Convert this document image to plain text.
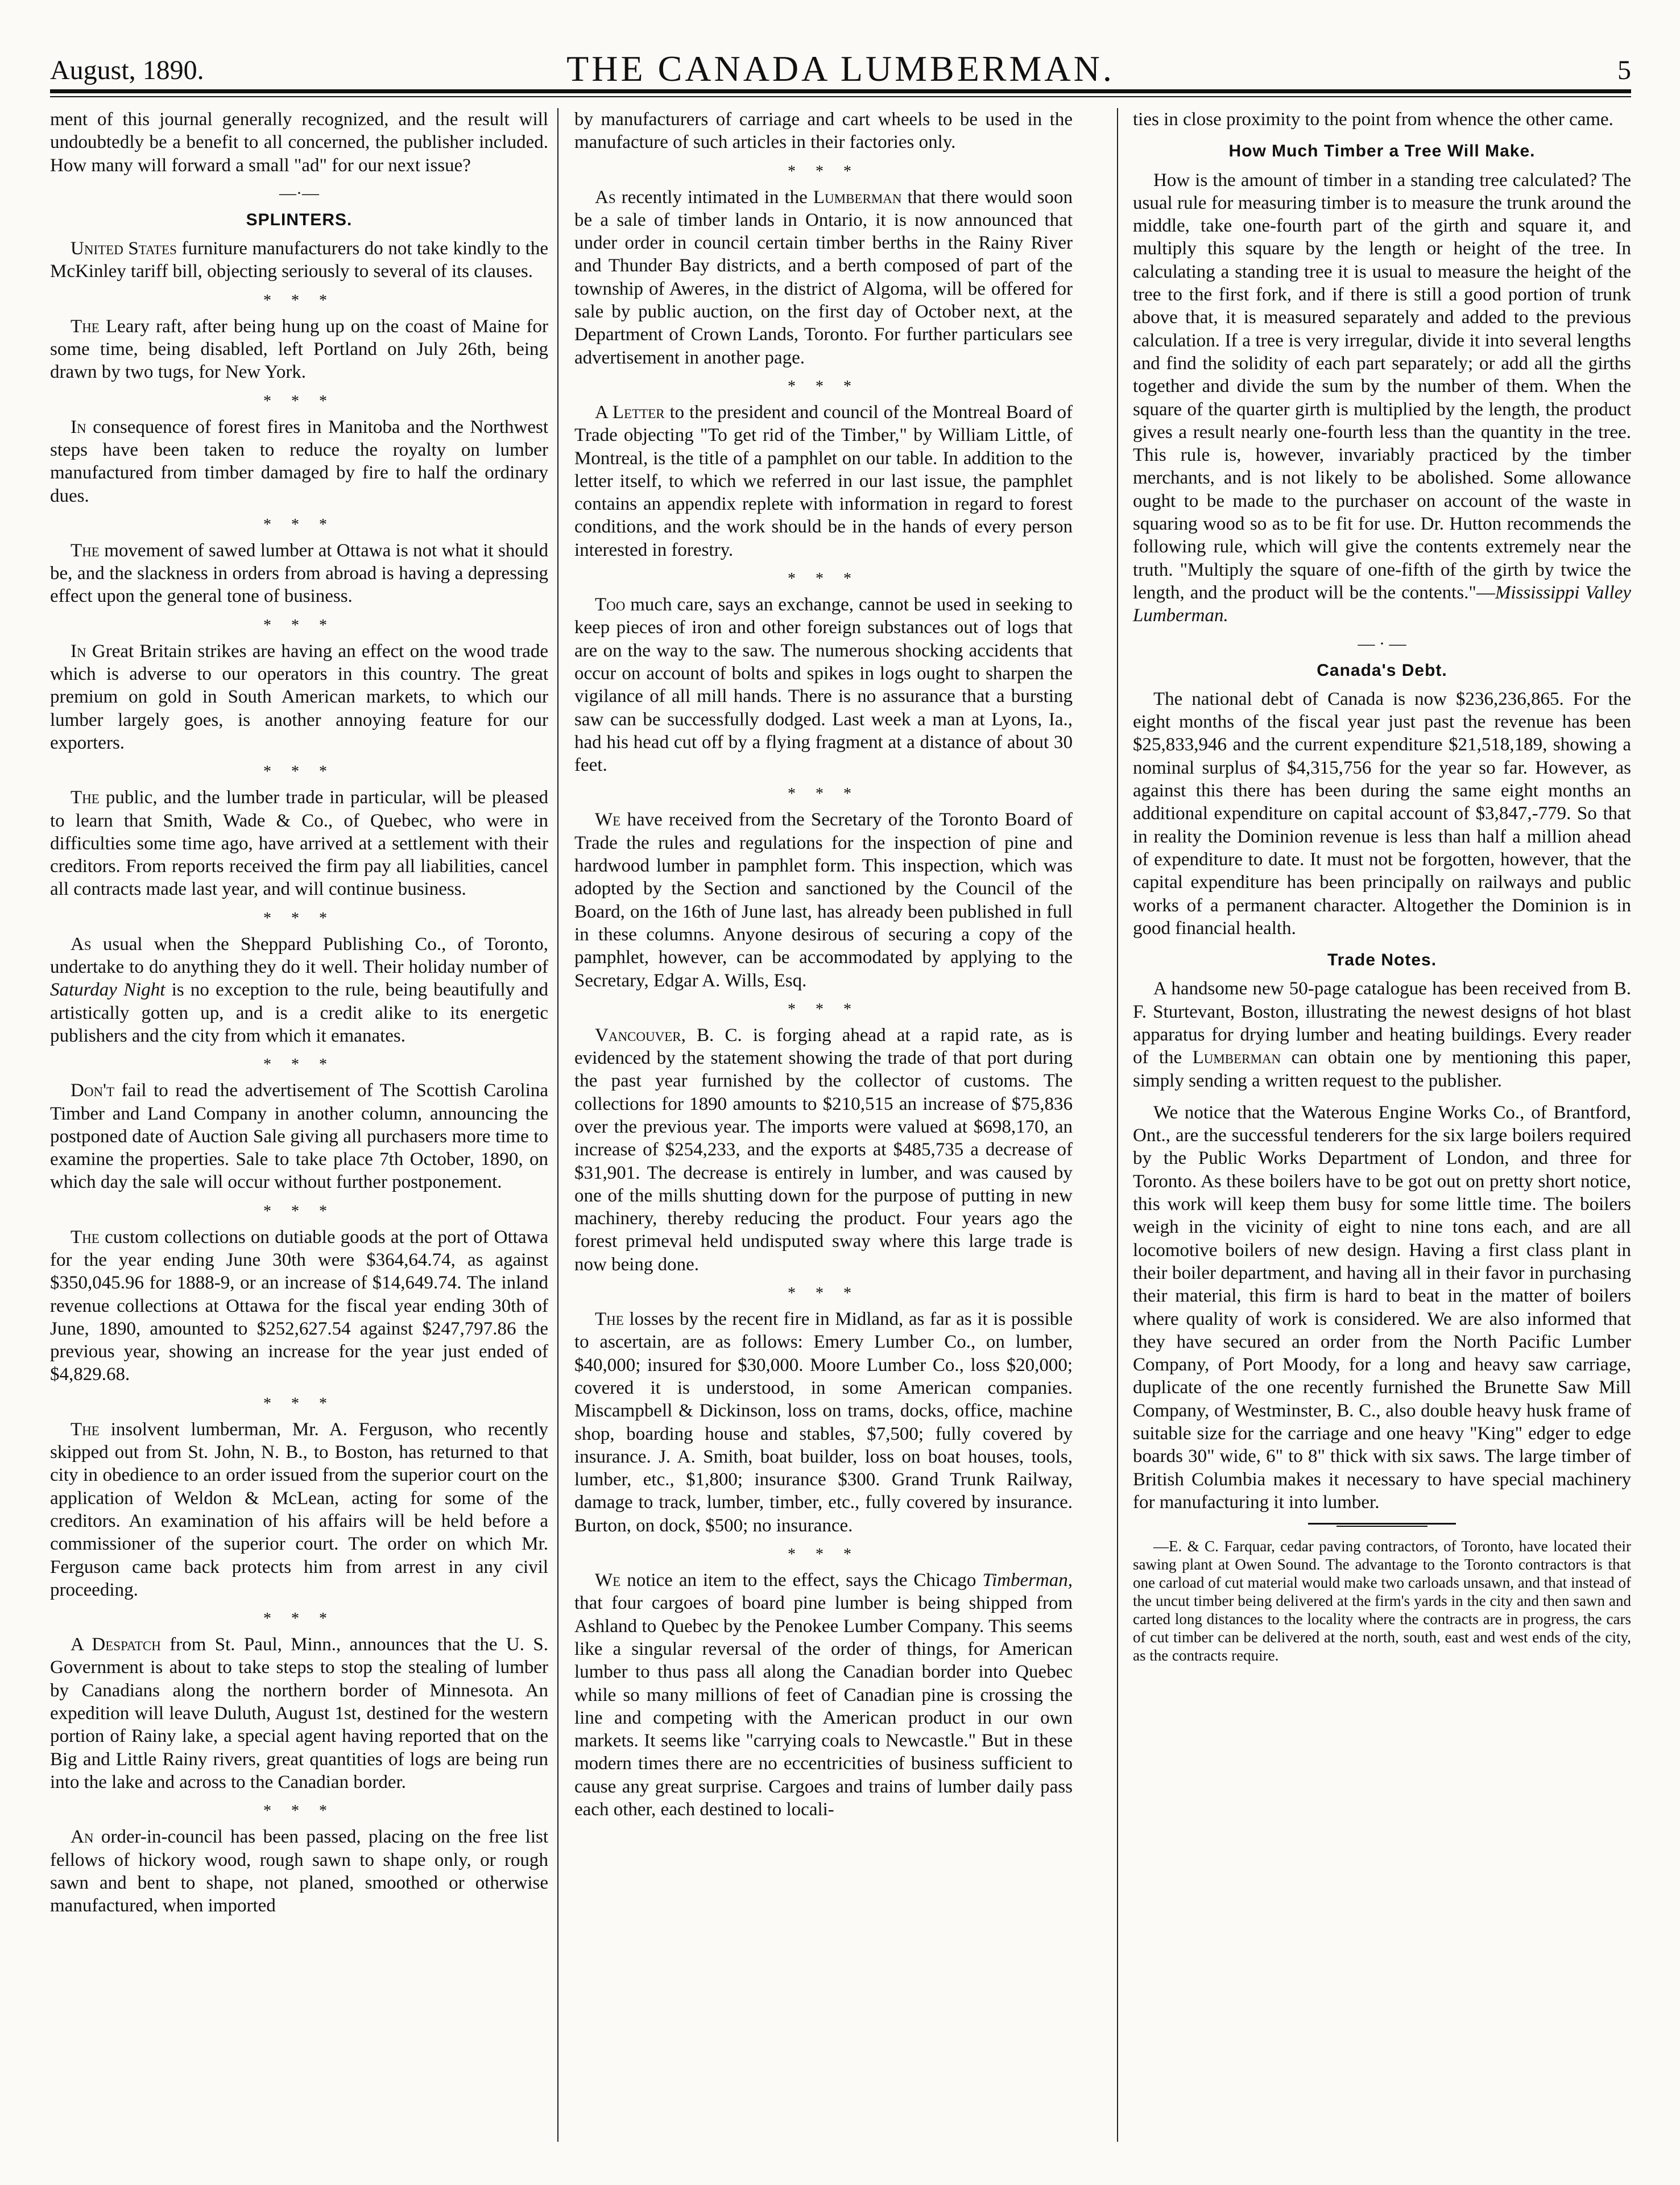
August, 1890.	THE CANADA LUMBERMAN.	5

ment of this journal generally recognized, and the result will undoubtedly be a benefit to all concerned, the publisher included. How many will forward a small "ad" for our next issue?

—·—
SPLINTERS.

United States furniture manufacturers do not take kindly to the McKinley tariff bill, objecting seriously to several of its clauses.

* * *

The Leary raft, after being hung up on the coast of Maine for some time, being disabled, left Portland on July 26th, being drawn by two tugs, for New York.

* * *

In consequence of forest fires in Manitoba and the Northwest steps have been taken to reduce the royalty on lumber manufactured from timber damaged by fire to half the ordinary dues.

* * *

The movement of sawed lumber at Ottawa is not what it should be, and the slackness in orders from abroad is having a depressing effect upon the general tone of business.

* * *

In Great Britain strikes are having an effect on the wood trade which is adverse to our operators in this country. The great premium on gold in South American markets, to which our lumber largely goes, is another annoying feature for our exporters.

* * *

The public, and the lumber trade in particular, will be pleased to learn that Smith, Wade & Co., of Quebec, who were in difficulties some time ago, have arrived at a settlement with their creditors. From reports received the firm pay all liabilities, cancel all contracts made last year, and will continue business.

* * *

As usual when the Sheppard Publishing Co., of Toronto, undertake to do anything they do it well. Their holiday number of Saturday Night is no exception to the rule, being beautifully and artistically gotten up, and is a credit alike to its energetic publishers and the city from which it emanates.

* * *

Don't fail to read the advertisement of The Scottish Carolina Timber and Land Company in another column, announcing the postponed date of Auction Sale giving all purchasers more time to examine the properties. Sale to take place 7th October, 1890, on which day the sale will occur without further postponement.

* * *

The custom collections on dutiable goods at the port of Ottawa for the year ending June 30th were $364,64.74, as against $350,045.96 for 1888-9, or an increase of $14,649.74. The inland revenue collections at Ottawa for the fiscal year ending 30th of June, 1890, amounted to $252,627.54 against $247,797.86 the previous year, showing an increase for the year just ended of $4,829.68.

* * *

The insolvent lumberman, Mr. A. Ferguson, who recently skipped out from St. John, N. B., to Boston, has returned to that city in obedience to an order issued from the superior court on the application of Weldon & McLean, acting for some of the creditors. An examination of his affairs will be held before a commissioner of the superior court. The order on which Mr. Ferguson came back protects him from arrest in any civil proceeding.

* * *

A Despatch from St. Paul, Minn., announces that the U. S. Government is about to take steps to stop the stealing of lumber by Canadians along the northern border of Minnesota. An expedition will leave Duluth, August 1st, destined for the western portion of Rainy lake, a special agent having reported that on the Big and Little Rainy rivers, great quantities of logs are being run into the lake and across to the Canadian border.

* * *

An order-in-council has been passed, placing on the free list fellows of hickory wood, rough sawn to shape only, or rough sawn and bent to shape, not planed, smoothed or otherwise manufactured, when imported

by manufacturers of carriage and cart wheels to be used in the manufacture of such articles in their factories only.

* * *

As recently intimated in the Lumberman that there would soon be a sale of timber lands in Ontario, it is now announced that under order in council certain timber berths in the Rainy River and Thunder Bay districts, and a berth composed of part of the township of Aweres, in the district of Algoma, will be offered for sale by public auction, on the first day of October next, at the Department of Crown Lands, Toronto. For further particulars see advertisement in another page.

* * *

A Letter to the president and council of the Montreal Board of Trade objecting "To get rid of the Timber," by William Little, of Montreal, is the title of a pamphlet on our table. In addition to the letter itself, to which we referred in our last issue, the pamphlet contains an appendix replete with information in regard to forest conditions, and the work should be in the hands of every person interested in forestry.

* * *

Too much care, says an exchange, cannot be used in seeking to keep pieces of iron and other foreign substances out of logs that are on the way to the saw. The numerous shocking accidents that occur on account of bolts and spikes in logs ought to sharpen the vigilance of all mill hands. There is no assurance that a bursting saw can be successfully dodged. Last week a man at Lyons, Ia., had his head cut off by a flying fragment at a distance of about 30 feet.

* * *

We have received from the Secretary of the Toronto Board of Trade the rules and regulations for the inspection of pine and hardwood lumber in pamphlet form. This inspection, which was adopted by the Section and sanctioned by the Council of the Board, on the 16th of June last, has already been published in full in these columns. Anyone desirous of securing a copy of the pamphlet, however, can be accommodated by applying to the Secretary, Edgar A. Wills, Esq.

* * *

Vancouver, B. C. is forging ahead at a rapid rate, as is evidenced by the statement showing the trade of that port during the past year furnished by the collector of customs. The collections for 1890 amounts to $210,515 an increase of $75,836 over the previous year. The imports were valued at $698,170, an increase of $254,233, and the exports at $485,735 a decrease of $31,901. The decrease is entirely in lumber, and was caused by one of the mills shutting down for the purpose of putting in new machinery, thereby reducing the product. Four years ago the forest primeval held undisputed sway where this large trade is now being done.

* * *

The losses by the recent fire in Midland, as far as it is possible to ascertain, are as follows: Emery Lumber Co., on lumber, $40,000; insured for $30,000. Moore Lumber Co., loss $20,000; covered it is understood, in some American companies. Miscampbell & Dickinson, loss on trams, docks, office, machine shop, boarding house and stables, $7,500; fully covered by insurance. J. A. Smith, boat builder, loss on boat houses, tools, lumber, etc., $1,800; insurance $300. Grand Trunk Railway, damage to track, lumber, timber, etc., fully covered by insurance. Burton, on dock, $500; no insurance.

* * *

We notice an item to the effect, says the Chicago Timberman, that four cargoes of board pine lumber is being shipped from Ashland to Quebec by the Penokee Lumber Company. This seems like a singular reversal of the order of things, for American lumber to thus pass all along the Canadian border into Quebec while so many millions of feet of Canadian pine is crossing the line and competing with the American product in our own markets. It seems like "carrying coals to Newcastle." But in these modern times there are no eccentricities of business sufficient to cause any great surprise. Cargoes and trains of lumber daily pass each other, each destined to locali-

ties in close proximity to the point from whence the other came.

How Much Timber a Tree Will Make.

How is the amount of timber in a standing tree calculated? The usual rule for measuring timber is to measure the trunk around the middle, take one-fourth part of the girth and square it, and multiply this square by the length or height of the tree. In calculating a standing tree it is usual to measure the height of the tree to the first fork, and if there is still a good portion of trunk above that, it is measured separately and added to the previous calculation. If a tree is very irregular, divide it into several lengths and find the solidity of each part separately; or add all the girths together and divide the sum by the number of them. When the square of the quarter girth is multiplied by the length, the product gives a result nearly one-fourth less than the quantity in the tree. This rule is, however, invariably practiced by the timber merchants, and is not likely to be abolished. Some allowance ought to be made to the purchaser on account of the waste in squaring wood so as to be fit for use. Dr. Hutton recommends the following rule, which will give the contents extremely near the truth. "Multiply the square of one-fifth of the girth by twice the length, and the product will be the contents."—Mississippi Valley Lumberman.

— · —
Canada's Debt.

The national debt of Canada is now $236,236,865. For the eight months of the fiscal year just past the revenue has been $25,833,946 and the current expenditure $21,518,189, showing a nominal surplus of $4,315,756 for the year so far. However, as against this there has been during the same eight months an additional expenditure on capital account of $3,847,-779. So that in reality the Dominion revenue is less than half a million ahead of expenditure to date. It must not be forgotten, however, that the capital expenditure has been principally on railways and public works of a permanent character. Altogether the Dominion is in good financial health.

Trade Notes.

A handsome new 50-page catalogue has been received from B. F. Sturtevant, Boston, illustrating the newest designs of hot blast apparatus for drying lumber and heating buildings. Every reader of the Lumberman can obtain one by mentioning this paper, simply sending a written request to the publisher.

We notice that the Waterous Engine Works Co., of Brantford, Ont., are the successful tenderers for the six large boilers required by the Public Works Department of London, and three for Toronto. As these boilers have to be got out on pretty short notice, this work will keep them busy for some little time. The boilers weigh in the vicinity of eight to nine tons each, and are all locomotive boilers of new design. Having a first class plant in their boiler department, and having all in their favor in purchasing their material, this firm is hard to beat in the matter of boilers where quality of work is considered. We are also informed that they have secured an order from the North Pacific Lumber Company, of Port Moody, for a long and heavy saw carriage, duplicate of the one recently furnished the Brunette Saw Mill Company, of Westminster, B. C., also double heavy husk frame of suitable size for the carriage and one heavy "King" edger to edge boards 30" wide, 6" to 8" thick with six saws. The large timber of British Columbia makes it necessary to have special machinery for manufacturing it into lumber.

—E. & C. Farquar, cedar paving contractors, of Toronto, have located their sawing plant at Owen Sound. The advantage to the Toronto contractors is that one carload of cut material would make two carloads unsawn, and that instead of the uncut timber being delivered at the firm's yards in the city and then sawn and carted long distances to the locality where the contracts are in progress, the cars of cut timber can be delivered at the north, south, east and west ends of the city, as the contracts require.
